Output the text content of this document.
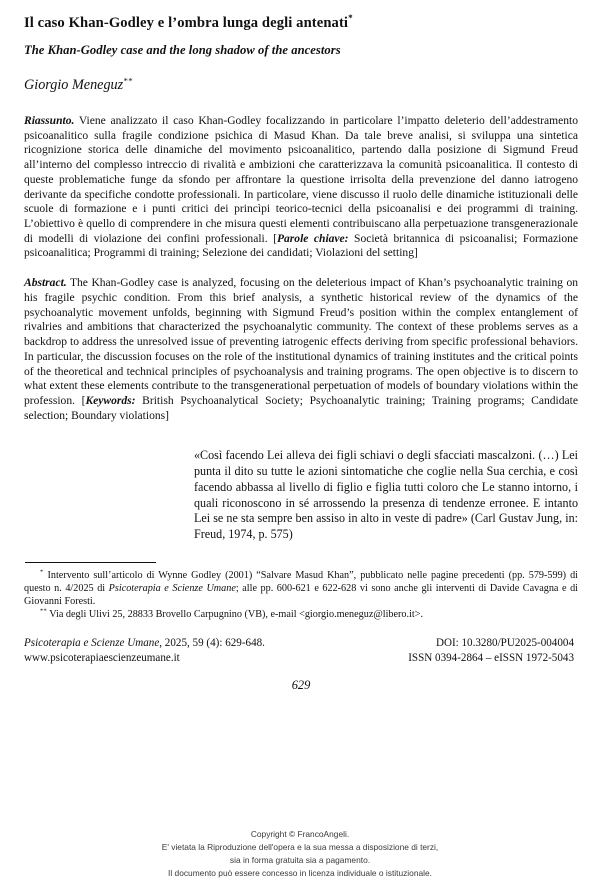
Il caso Khan-Godley e l’ombra lunga degli antenati*
The Khan-Godley case and the long shadow of the ancestors
Giorgio Meneguz**
Riassunto. Viene analizzato il caso Khan-Godley focalizzando in particolare l’impatto deleterio dell’addestramento psicoanalitico sulla fragile condizione psichica di Masud Khan. Da tale breve analisi, si sviluppa una sintetica ricognizione storica delle dinamiche del movimento psicoanalitico, partendo dalla posizione di Sigmund Freud all’interno del complesso intreccio di rivalità e ambizioni che caratterizzava la comunità psicoanalitica. Il contesto di queste problematiche funge da sfondo per affrontare la questione irrisolta della prevenzione del danno iatrogeno derivante da specifiche condotte professionali. In particolare, viene discusso il ruolo delle dinamiche istituzionali delle scuole di formazione e i punti critici dei princìpi teorico-tecnici della psicoanalisi e dei programmi di training. L’obiettivo è quello di comprendere in che misura questi elementi contribuiscano alla perpetuazione transgenerazionale di modelli di violazione dei confini professionali. [Parole chiave: Società britannica di psicoanalisi; Formazione psicoanalitica; Programmi di training; Selezione dei candidati; Violazioni del setting]
Abstract. The Khan-Godley case is analyzed, focusing on the deleterious impact of Khan’s psychoanalytic training on his fragile psychic condition. From this brief analysis, a synthetic historical review of the dynamics of the psychoanalytic movement unfolds, beginning with Sigmund Freud’s position within the complex entanglement of rivalries and ambitions that characterized the psychoanalytic community. The context of these problems serves as a backdrop to address the unresolved issue of preventing iatrogenic effects deriving from specific professional behaviors. In particular, the discussion focuses on the role of the institutional dynamics of training institutes and the critical points of the theoretical and technical principles of psychoanalysis and training programs. The open objective is to discern to what extent these elements contribute to the transgenerational perpetuation of models of boundary violations within the profession. [Keywords: British Psychoanalytical Society; Psychoanalytic training; Training programs; Candidate selection; Boundary violations]
«Così facendo Lei alleva dei figli schiavi o degli sfacciati mascalzoni. (…) Lei punta il dito su tutte le azioni sintomatiche che coglie nella Sua cerchia, e così facendo abbassa al livello di figlio e figlia tutti coloro che Le stanno intorno, i quali riconoscono in sé arrossendo la presenza di tendenze erronee. E intanto Lei se ne sta sempre ben assiso in alto in veste di padre» (Carl Gustav Jung, in: Freud, 1974, p. 575)
* Intervento sull’articolo di Wynne Godley (2001) “Salvare Masud Khan”, pubblicato nelle pagine precedenti (pp. 579-599) di questo n. 4/2025 di Psicoterapia e Scienze Umane; alle pp. 600-621 e 622-628 vi sono anche gli interventi di Davide Cavagna e di Giovanni Foresti.
** Via degli Ulivi 25, 28833 Brovello Carpugnino (VB), e-mail <giorgio.meneguz@libero.it>.
Psicoterapia e Scienze Umane, 2025, 59 (4): 629-648.	DOI: 10.3280/PU2025-004004
www.psicoterapiaescienzeumane.it	ISSN 0394-2864 – eISSN 1972-5043
629
Copyright © FrancoAngeli.
E' vietata la Riproduzione dell'opera e la sua messa a disposizione di terzi,
sia in forma gratuita sia a pagamento.
Il documento può essere concesso in licenza individuale o istituzionale.
